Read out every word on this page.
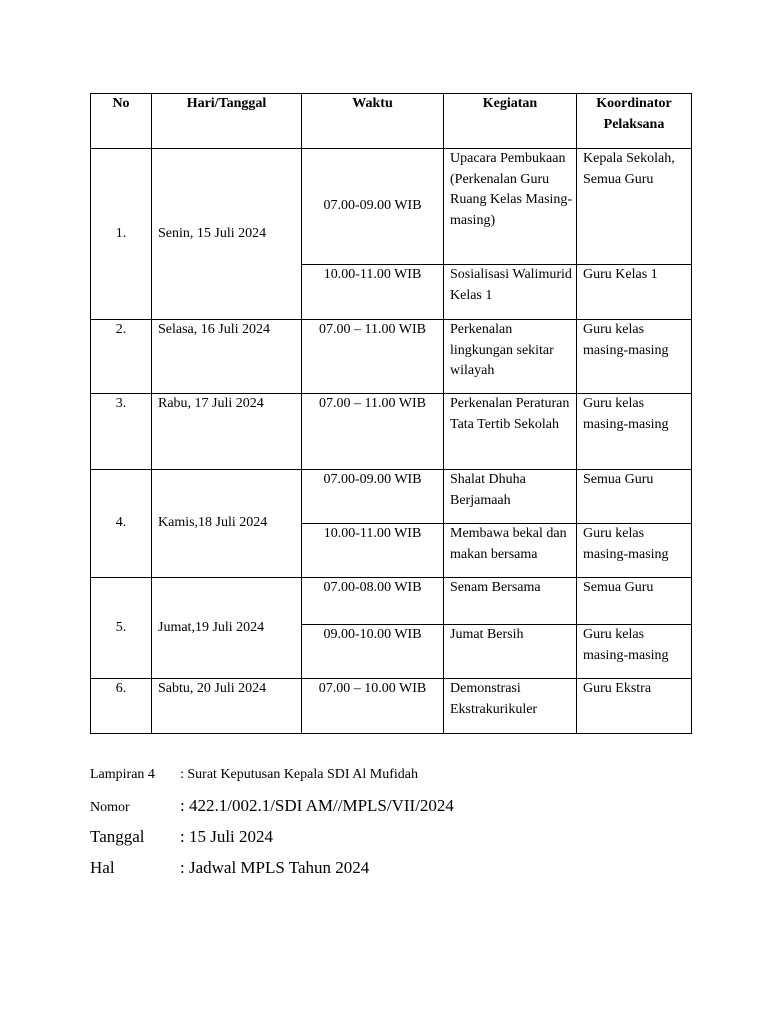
No	Hari/Tanggal	Waktu	Kegiatan	Koordinator
Pelaksana

1.	Senin, 15 Juli 2024	07.00-09.00 WIB	Upacara Pembukaan (Perkenalan Guru Ruang Kelas Masing-masing)	Kepala Sekolah, Semua Guru
		10.00-11.00 WIB	Sosialisasi Walimurid Kelas 1	Guru Kelas 1
2.	Selasa, 16 Juli 2024	07.00 – 11.00 WIB	Perkenalan lingkungan sekitar wilayah	Guru kelas masing-masing
3.	Rabu, 17 Juli 2024	07.00 – 11.00 WIB	Perkenalan Peraturan Tata Tertib Sekolah	Guru kelas masing-masing
4.	Kamis,18 Juli 2024	07.00-09.00 WIB	Shalat Dhuha Berjamaah	Semua Guru
		10.00-11.00 WIB	Membawa bekal dan makan bersama	Guru kelas masing-masing
5.	Jumat,19 Juli 2024	07.00-08.00 WIB	Senam Bersama	Semua Guru
		09.00-10.00 WIB	Jumat Bersih	Guru kelas masing-masing
6.	Sabtu, 20 Juli 2024	07.00 – 10.00 WIB	Demonstrasi Ekstrakurikuler	Guru Ekstra
Lampiran 4	: Surat Keputusan Kepala SDI Al Mufidah
Nomor	: 422.1/002.1/SDI AM//MPLS/VII/2024
Tanggal	: 15 Juli 2024
Hal	: Jadwal MPLS Tahun 2024
